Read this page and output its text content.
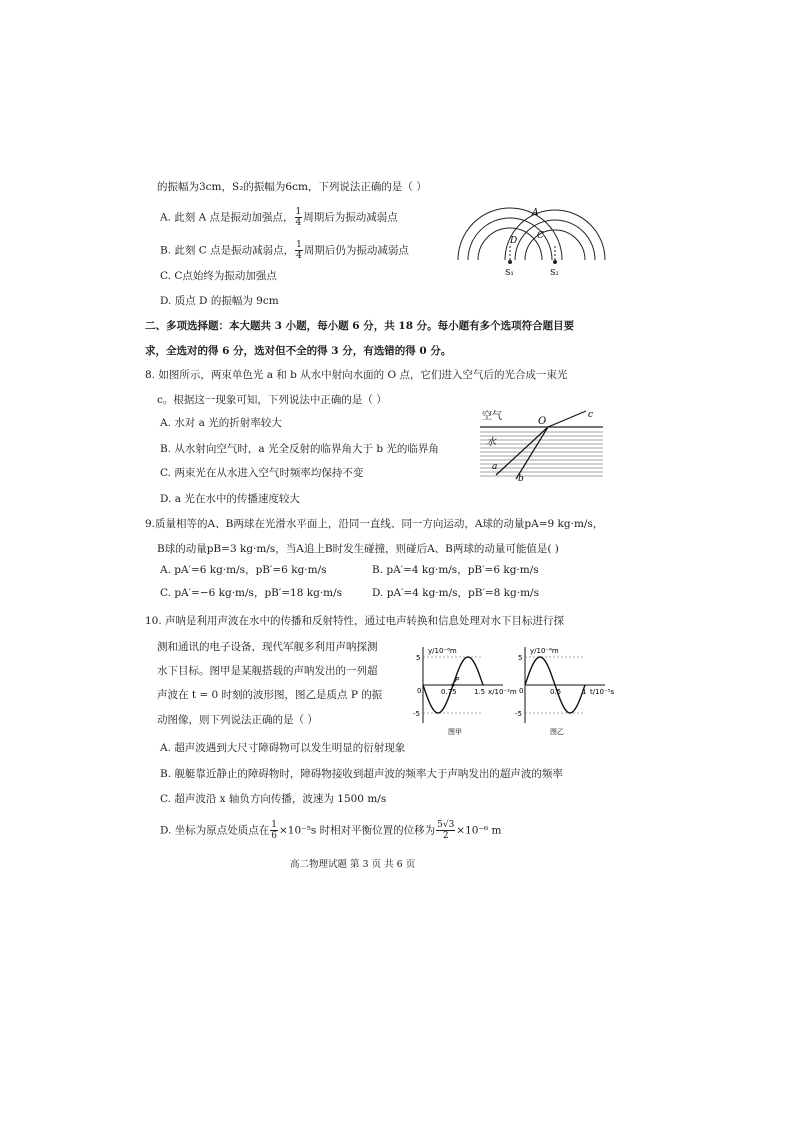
的振幅为3cm，S₂的振幅为6cm，下列说法正确的是（ ）
A. 此刻 A 点是振动加强点， $\frac{1}{4}$ 周期后为振动减弱点
B. 此刻 C 点是振动减弱点， $\frac{1}{4}$ 周期后仍为振动减弱点
C. C点始终为振动加强点
D. 质点 D 的振幅为 9cm
A
C
D
S₁	S₂
二、多项选择题：本大题共 3 小题，每小题 6 分，共 18 分。每小题有多个选项符合题目要
求，全选对的得 6 分，选对但不全的得 3 分，有选错的得 0 分。
8. 如图所示，两束单色光 a 和 b 从水中射向水面的 O 点，它们进入空气后的光合成一束光
c。根据这一现象可知，下列说法中正确的是（ ）
A. 水对 a 光的折射率较大
B. 从水射向空气时，a 光全反射的临界角大于 b 光的临界角
C. 两束光在从水进入空气时频率均保持不变
D. a 光在水中的传播速度较大
空气
水
O
a
b
c
9.质量相等的A、B两球在光滑水平面上，沿同一直线、同一方向运动，A球的动量pA=9 kg·m/s，
B球的动量pB=3 kg·m/s，当A追上B时发生碰撞，则碰后A、B两球的动量可能值是( )
A. pA′=6 kg·m/s，pB′=6 kg·m/s	B. pA′=4 kg·m/s，pB′=6 kg·m/s
C. pA′=−6 kg·m/s，pB′=18 kg·m/s	D. pA′=4 kg·m/s，pB′=8 kg·m/s
10. 声呐是利用声波在水中的传播和反射特性，通过电声转换和信息处理对水下目标进行探
测和通讯的电子设备，现代军舰多利用声呐探测
水下目标。图甲是某舰搭载的声呐发出的一列超
声波在 t = 0 时刻的波形图，图乙是质点 P 的振
动图像，则下列说法正确的是（ ）
y/10⁻⁶m
x/10⁻²m
5
-5
0	0.75 1.5
P
图甲
y/10⁻⁶m
t/10⁻⁵s
5
-5
0	0.5	1
图乙
A. 超声波遇到大尺寸障碍物可以发生明显的衍射现象
B. 舰艇靠近静止的障碍物时，障碍物接收到超声波的频率大于声呐发出的超声波的频率
C. 超声波沿 x 轴负方向传播，波速为 1500 m/s
D. 坐标为原点处质点在 $\frac{1}{6} \times 10^{-5}s$ 时相对平衡位置的位移为 $\frac{5√3}{2} \times 10^{-6}$ m
高二物理试题 第 3 页 共 6 页
